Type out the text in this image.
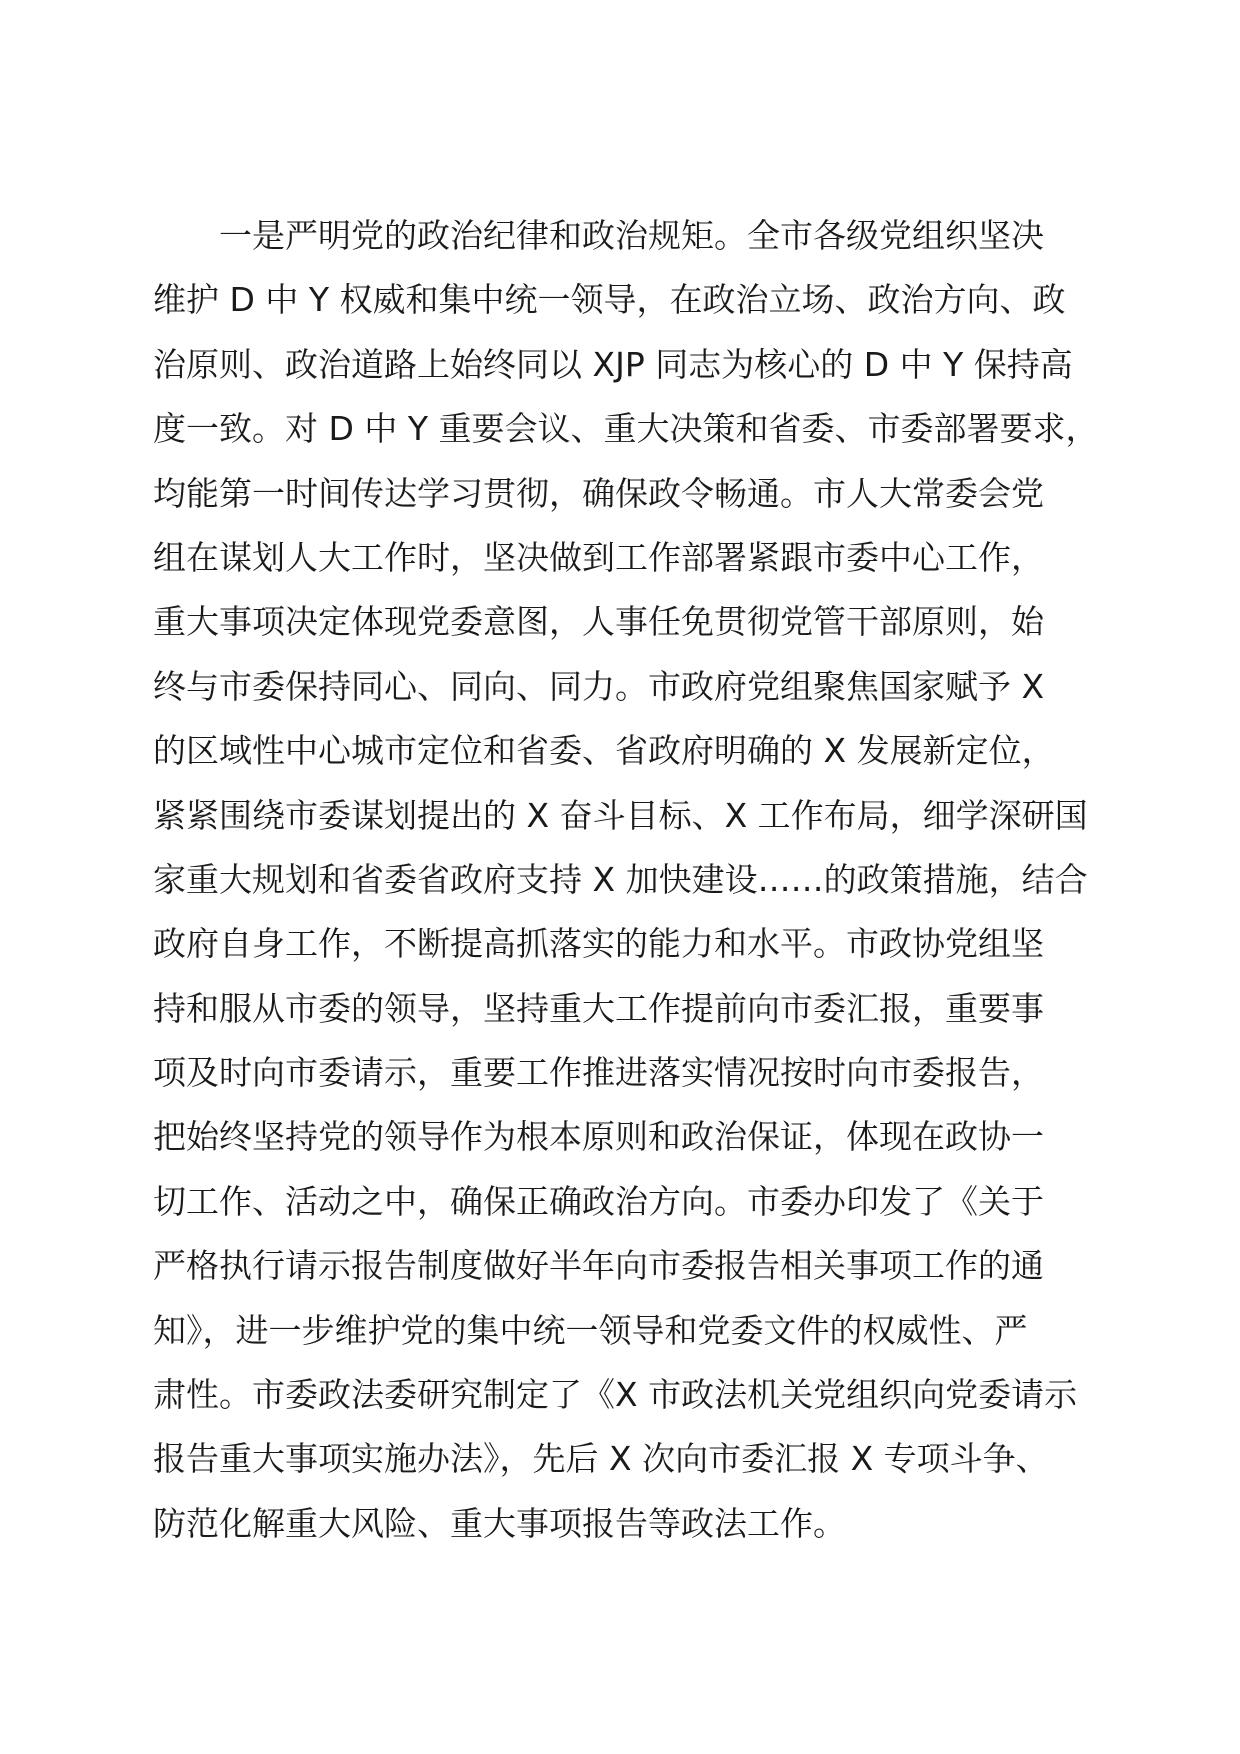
一是严明党的政治纪律和政治规矩。全市各级党组织坚决
维护 D 中 Y 权威和集中统一领导，在政治立场、政治方向、政
治原则、政治道路上始终同以 XJP 同志为核心的 D 中 Y 保持高
度一致。对 D 中 Y 重要会议、重大决策和省委、市委部署要求，
均能第一时间传达学习贯彻，确保政令畅通。市人大常委会党
组在谋划人大工作时，坚决做到工作部署紧跟市委中心工作，
重大事项决定体现党委意图，人事任免贯彻党管干部原则，始
终与市委保持同心、同向、同力。市政府党组聚焦国家赋予 X
的区域性中心城市定位和省委、省政府明确的 X 发展新定位，
紧紧围绕市委谋划提出的 X 奋斗目标、X 工作布局，细学深研国
家重大规划和省委省政府支持 X 加快建设……的政策措施，结合
政府自身工作，不断提高抓落实的能力和水平。市政协党组坚
持和服从市委的领导，坚持重大工作提前向市委汇报，重要事
项及时向市委请示，重要工作推进落实情况按时向市委报告，
把始终坚持党的领导作为根本原则和政治保证，体现在政协一
切工作、活动之中，确保正确政治方向。市委办印发了《关于
严格执行请示报告制度做好半年向市委报告相关事项工作的通
知》，进一步维护党的集中统一领导和党委文件的权威性、严
肃性。市委政法委研究制定了《X 市政法机关党组织向党委请示
报告重大事项实施办法》，先后 X 次向市委汇报 X 专项斗争、
防范化解重大风险、重大事项报告等政法工作。
